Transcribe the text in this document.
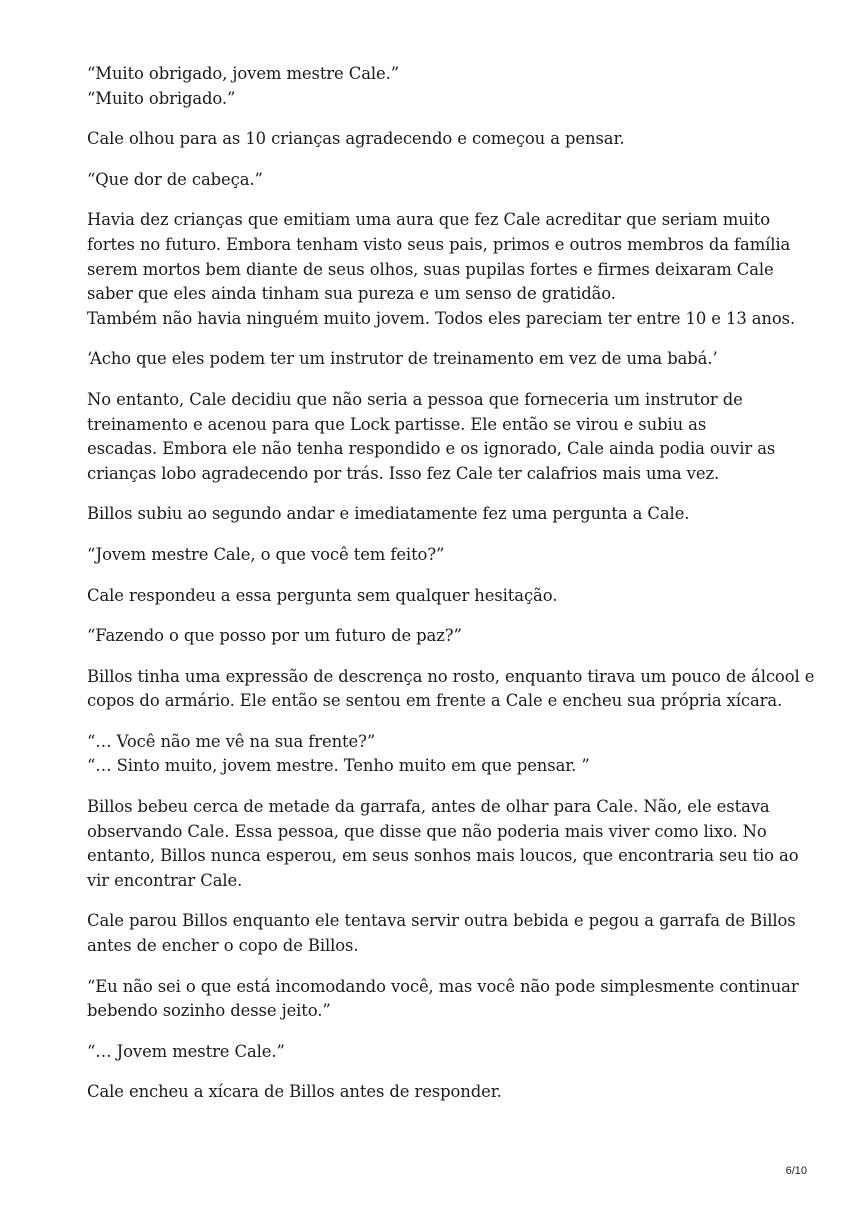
“Muito obrigado, jovem mestre Cale.”
“Muito obrigado.”

Cale olhou para as 10 crianças agradecendo e começou a pensar.

“Que dor de cabeça.”

Havia dez crianças que emitiam uma aura que fez Cale acreditar que seriam muito
fortes no futuro. Embora tenham visto seus pais, primos e outros membros da família
serem mortos bem diante de seus olhos, suas pupilas fortes e firmes deixaram Cale
saber que eles ainda tinham sua pureza e um senso de gratidão.
Também não havia ninguém muito jovem. Todos eles pareciam ter entre 10 e 13 anos.

‘Acho que eles podem ter um instrutor de treinamento em vez de uma babá.’

No entanto, Cale decidiu que não seria a pessoa que forneceria um instrutor de
treinamento e acenou para que Lock partisse. Ele então se virou e subiu as
escadas. Embora ele não tenha respondido e os ignorado, Cale ainda podia ouvir as
crianças lobo agradecendo por trás. Isso fez Cale ter calafrios mais uma vez.

Billos subiu ao segundo andar e imediatamente fez uma pergunta a Cale.

“Jovem mestre Cale, o que você tem feito?”

Cale respondeu a essa pergunta sem qualquer hesitação.

“Fazendo o que posso por um futuro de paz?”

Billos tinha uma expressão de descrença no rosto, enquanto tirava um pouco de álcool e
copos do armário. Ele então se sentou em frente a Cale e encheu sua própria xícara.

“… Você não me vê na sua frente?”
“… Sinto muito, jovem mestre. Tenho muito em que pensar. ”

Billos bebeu cerca de metade da garrafa, antes de olhar para Cale. Não, ele estava
observando Cale. Essa pessoa, que disse que não poderia mais viver como lixo. No
entanto, Billos nunca esperou, em seus sonhos mais loucos, que encontraria seu tio ao
vir encontrar Cale.

Cale parou Billos enquanto ele tentava servir outra bebida e pegou a garrafa de Billos
antes de encher o copo de Billos.

“Eu não sei o que está incomodando você, mas você não pode simplesmente continuar
bebendo sozinho desse jeito.”

“… Jovem mestre Cale.”

Cale encheu a xícara de Billos antes de responder.

6/10
